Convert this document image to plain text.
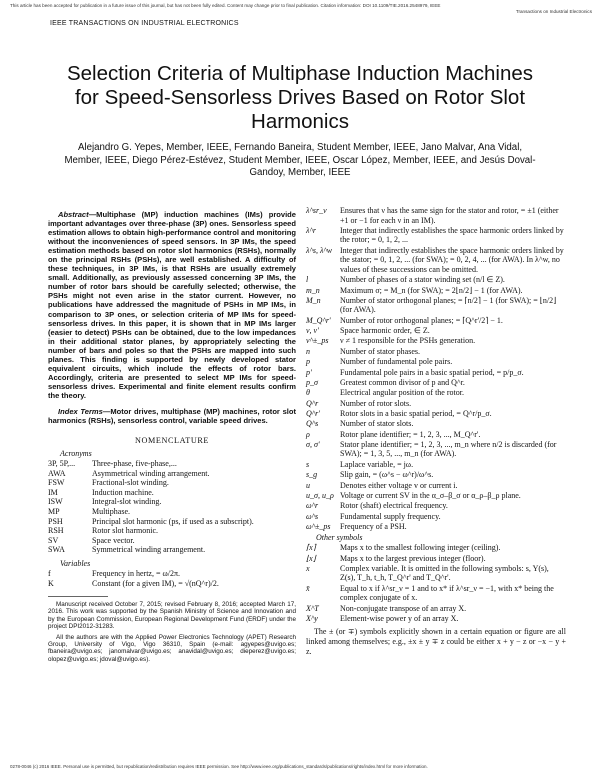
This article has been accepted for publication in a future issue of this journal, but has not been fully edited. Content may change prior to final publication. Citation information: DOI 10.1109/TIE.2016.2548979, IEEE
Transactions on Industrial Electronics
IEEE TRANSACTIONS ON INDUSTRIAL ELECTRONICS
Selection Criteria of Multiphase Induction Machines for Speed-Sensorless Drives Based on Rotor Slot Harmonics
Alejandro G. Yepes, Member, IEEE, Fernando Baneira, Student Member, IEEE, Jano Malvar, Ana Vidal, Member, IEEE, Diego Pérez-Estévez, Student Member, IEEE, Oscar López, Member, IEEE, and Jesús Doval-Gandoy, Member, IEEE

Abstract—Multiphase (MP) induction machines (IMs) provide important advantages over three-phase (3P) ones. Sensorless speed estimation allows to obtain high-performance control and monitoring without the inconveniences of speed sensors. In 3P IMs, the speed estimation methods based on rotor slot harmonics (RSHs), normally on the principal RSHs (PSHs), are well established. A difficulty of these techniques, in 3P IMs, is that RSHs are usually extremely small. Additionally, as previously assessed concerning 3P IMs, the number of rotor bars should be carefully selected; otherwise, the PSHs might not even arise in the stator current. However, no publications have addressed the magnitude of PSHs in MP IMs, in comparison to 3P ones, or selection criteria of MP IMs for speed-sensorless drives. In this paper, it is shown that in MP IMs larger (easier to detect) PSHs can be obtained, due to the low impedances in their additional stator planes, by appropriately selecting the number of bars and poles so that the PSHs are mapped into such planes. This finding is supported by newly developed stator equivalent circuits, which include the effects of rotor bars. Accordingly, criteria are presented to select MP IMs for speed-sensorless drives. Experimental and finite element results confirm the theory.

Index Terms—Motor drives, multiphase (MP) machines, rotor slot harmonics (RSHs), sensorless control, variable speed drives.

NOMENCLATURE
Acronyms
3P, 5P,...	Three-phase, five-phase,...
AWA	Asymmetrical winding arrangement.
FSW	Fractional-slot winding.
IM	Induction machine.
ISW	Integral-slot winding.
MP	Multiphase.
PSH	Principal slot harmonic (ps, if used as a subscript).
RSH	Rotor slot harmonic.
SV	Space vector.
SWA	Symmetrical winding arrangement.
Variables
f	Frequency in hertz, = ω/2π.
K	Constant (for a given IM), = √(nQ^r)/2.

Manuscript received October 7, 2015; revised February 8, 2016; accepted March 17, 2016. This work was supported by the Spanish Ministry of Science and Innovation and by the European Commission, European Regional Development Fund (ERDF) under the project DPI2012-31283.

All the authors are with the Applied Power Electronics Technology (APET) Research Group, University of Vigo, Vigo 36310, Spain (e-mail: agyepes@uvigo.es; fbaneira@uvigo.es; janomalvar@uvigo.es; anavidal@uvigo.es; dieperez@uvigo.es; olopez@uvigo.es; jdoval@uvigo.es).

λ^sr_ν	Ensures that ν has the same sign for the stator and rotor, = ±1 (either +1 or −1 for each ν in an IM).
λ^r	Integer that indirectly establishes the space harmonic orders linked by the rotor; = 0, 1, 2, ...
λ^s, λ^w	Integer that indirectly establishes the space harmonic orders linked by the stator; = 0, 1, 2, ... (for SWA); = 0, 2, 4, ... (for AWA). In λ^w, no values of these successions can be omitted.
l	Number of phases of a stator winding set (n/l ∈ Z).
m_n	Maximum σ; = M_n (for SWA); = 2⌊n/2⌋ − 1 (for AWA).
M_n	Number of stator orthogonal planes; = ⌈n/2⌉ − 1 (for SWA); = ⌊n/2⌋ (for AWA).
M_Q^r'	Number of rotor orthogonal planes; = ⌈Q^r'/2⌉ − 1.
ν, ν'	Space harmonic order, ∈ Z.
ν^±_ps	ν ≠ 1 responsible for the PSHs generation.
n	Number of stator phases.
p	Number of fundamental pole pairs.
p'	Fundamental pole pairs in a basic spatial period, = p/p_σ.
p_σ	Greatest common divisor of p and Q^r.
θ	Electrical angular position of the rotor.
Q^r	Number of rotor slots.
Q^r'	Rotor slots in a basic spatial period, = Q^r/p_σ.
Q^s	Number of stator slots.
ρ	Rotor plane identifier; = 1, 2, 3, ..., M_Q^r'.
σ, σ'	Stator plane identifier; = 1, 2, 3, ..., m_n where n/2 is discarded (for SWA); = 1, 3, 5, ..., m_n (for AWA).
s	Laplace variable, = jω.
s_g	Slip gain, = (ω^s − ω^r)/ω^s.
u	Denotes either voltage v or current i.
u_σ, u_ρ	Voltage or current SV in the α_σ–β_σ or α_ρ–β_ρ plane.
ω^r	Rotor (shaft) electrical frequency.
ω^s	Fundamental supply frequency.
ω^±_ps	Frequency of a PSH.
Other symbols
⌈x⌉	Maps x to the smallest following integer (ceiling).
⌊x⌋	Maps x to the largest previous integer (floor).
x	Complex variable. It is omitted in the following symbols: s, Y(s), Z(s), T_h, t_h, T_Q^r' and T_Q^r'.
x̄	Equal to x if λ^sr_ν = 1 and to x* if λ^sr_ν = −1, with x* being the complex conjugate of x.
X^T	Non-conjugate transpose of an array X.
X^y	Element-wise power y of an array X.

The ± (or ∓) symbols explicitly shown in a certain equation or figure are all linked among themselves; e.g., ±x ± y ∓ z could be either x + y − z or −x − y + z.

0278-0046 (c) 2016 IEEE. Personal use is permitted, but republication/redistribution requires IEEE permission. See http://www.ieee.org/publications_standards/publications/rights/index.html for more information.
